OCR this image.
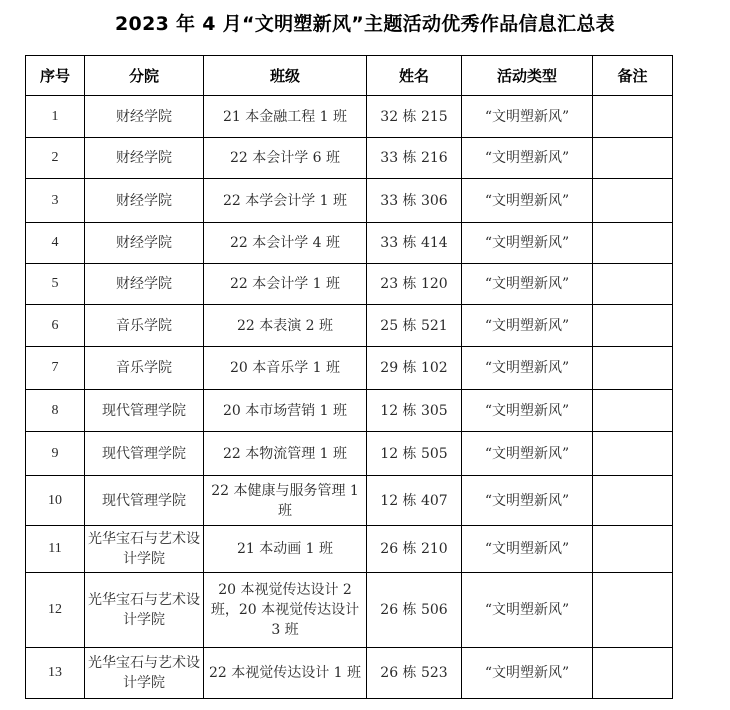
2023 年 4 月“文明塑新风”主题活动优秀作品信息汇总表
序号	分院	班级	姓名	活动类型	备注
1	财经学院	21 本金融工程 1 班	32 栋 215	“文明塑新风”	
2	财经学院	22 本会计学 6 班	33 栋 216	“文明塑新风”	
3	财经学院	22 本学会计学 1 班	33 栋 306	“文明塑新风”	
4	财经学院	22 本会计学 4 班	33 栋 414	“文明塑新风”	
5	财经学院	22 本会计学 1 班	23 栋 120	“文明塑新风”	
6	音乐学院	22 本表演 2 班	25 栋 521	“文明塑新风”	
7	音乐学院	20 本音乐学 1 班	29 栋 102	“文明塑新风”	
8	现代管理学院	20 本市场营销 1 班	12 栋 305	“文明塑新风”	
9	现代管理学院	22 本物流管理 1 班	12 栋 505	“文明塑新风”	
10	现代管理学院	22 本健康与服务管理 1 班	12 栋 407	“文明塑新风”	
11	光华宝石与艺术设计学院	21 本动画 1 班	26 栋 210	“文明塑新风”	
12	光华宝石与艺术设计学院	20 本视觉传达设计 2 班，20 本视觉传达设计 3 班	26 栋 506	“文明塑新风”	
13	光华宝石与艺术设计学院	22 本视觉传达设计 1 班	26 栋 523	“文明塑新风”	
